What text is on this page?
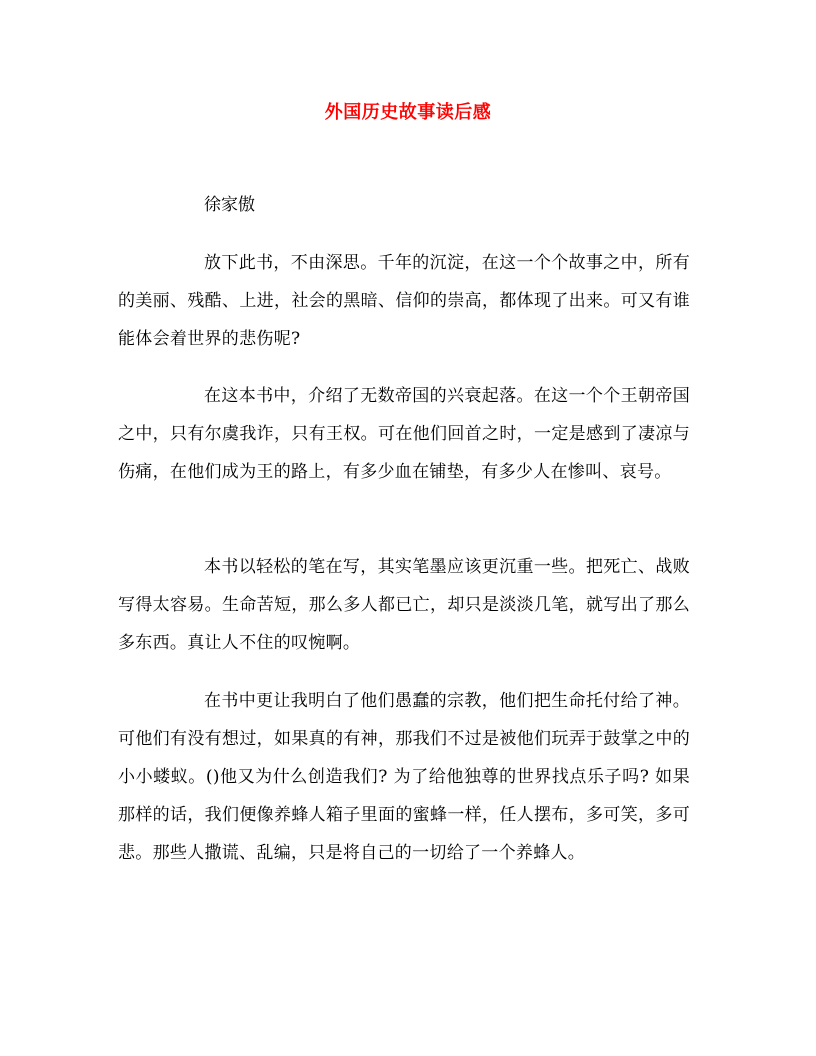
外国历史故事读后感
徐家傲

放下此书，不由深思。千年的沉淀，在这一个个故事之中，所有的美丽、残酷、上进，社会的黑暗、信仰的崇高，都体现了出来。可又有谁能体会着世界的悲伤呢?

在这本书中，介绍了无数帝国的兴衰起落。在这一个个王朝帝国之中，只有尔虞我诈，只有王权。可在他们回首之时，一定是感到了凄凉与伤痛，在他们成为王的路上，有多少血在铺垫，有多少人在惨叫、哀号。

本书以轻松的笔在写，其实笔墨应该更沉重一些。把死亡、战败写得太容易。生命苦短，那么多人都已亡，却只是淡淡几笔，就写出了那么多东西。真让人不住的叹惋啊。

在书中更让我明白了他们愚蠢的宗教，他们把生命托付给了神。可他们有没有想过，如果真的有神，那我们不过是被他们玩弄于鼓掌之中的小小蝼蚁。()他又为什么创造我们? 为了给他独尊的世界找点乐子吗? 如果那样的话，我们便像养蜂人箱子里面的蜜蜂一样，任人摆布，多可笑，多可悲。那些人撒谎、乱编，只是将自己的一切给了一个养蜂人。
